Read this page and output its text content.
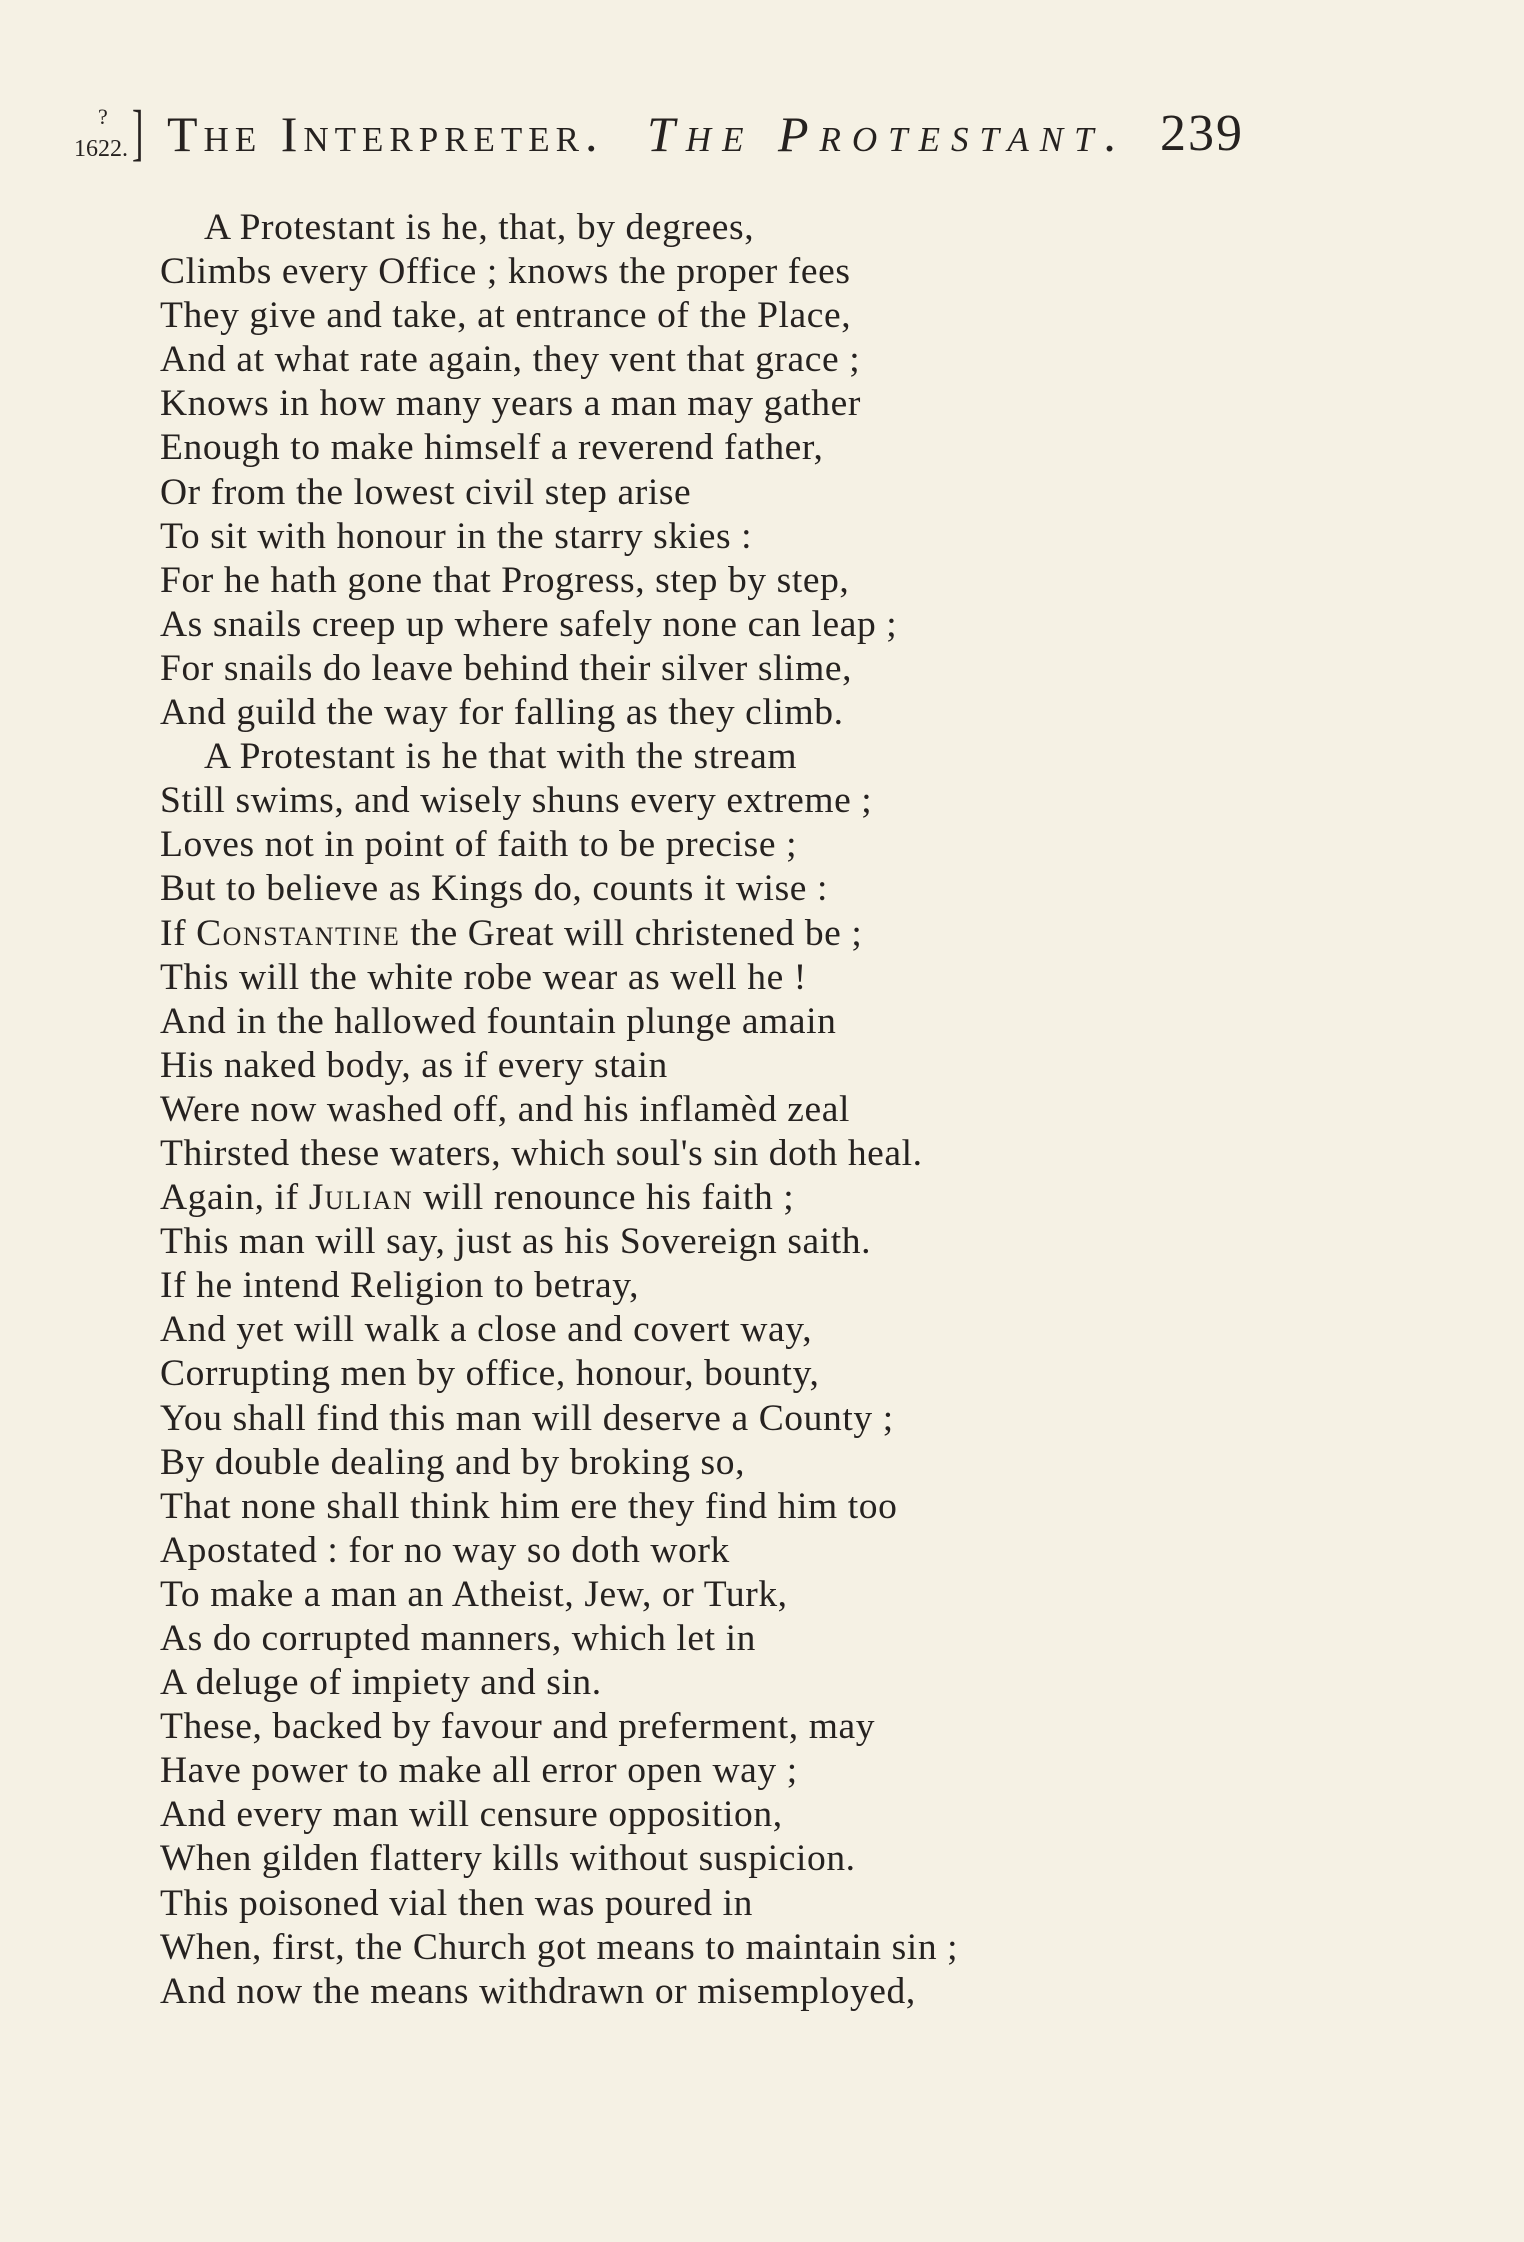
?
1622. ] The Interpreter. The Protestant. 239
A Protestant is he, that, by degrees,
Climbs every Office ; knows the proper fees
They give and take, at entrance of the Place,
And at what rate again, they vent that grace ;
Knows in how many years a man may gather
Enough to make himself a reverend father,
Or from the lowest civil step arise
To sit with honour in the starry skies :
For he hath gone that Progress, step by step,
As snails creep up where safely none can leap ;
For snails do leave behind their silver slime,
And guild the way for falling as they climb.
A Protestant is he that with the stream
Still swims, and wisely shuns every extreme ;
Loves not in point of faith to be precise ;
But to believe as Kings do, counts it wise :
If Constantine the Great will christened be ;
This will the white robe wear as well he !
And in the hallowed fountain plunge amain
His naked body, as if every stain
Were now washed off, and his inflamèd zeal
Thirsted these waters, which soul's sin doth heal.
Again, if Julian will renounce his faith ;
This man will say, just as his Sovereign saith.
If he intend Religion to betray,
And yet will walk a close and covert way,
Corrupting men by office, honour, bounty,
You shall find this man will deserve a County ;
By double dealing and by broking so,
That none shall think him ere they find him too
Apostated : for no way so doth work
To make a man an Atheist, Jew, or Turk,
As do corrupted manners, which let in
A deluge of impiety and sin.
These, backed by favour and preferment, may
Have power to make all error open way ;
And every man will censure opposition,
When gilden flattery kills without suspicion.
This poisoned vial then was poured in
When, first, the Church got means to maintain sin ;
And now the means withdrawn or misemployed,
